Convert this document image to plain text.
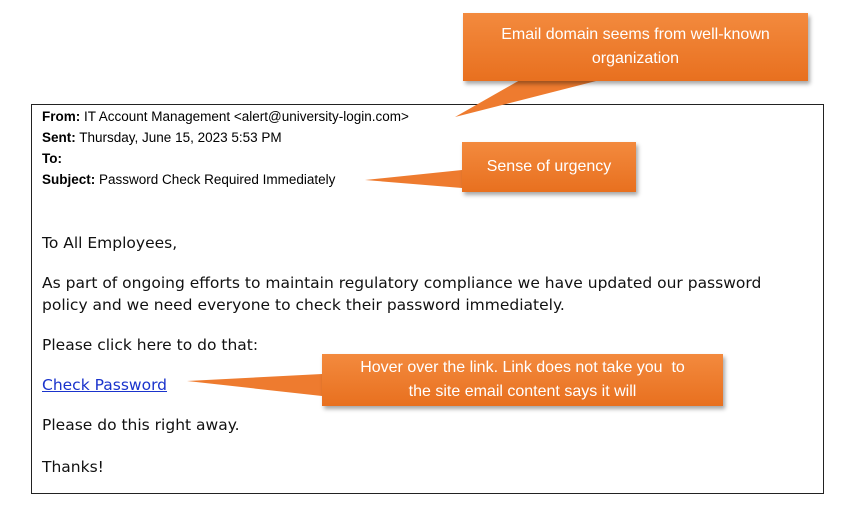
From: IT Account Management <alert@university-login.com>
Sent: Thursday, June 15, 2023 5:53 PM
To:
Subject: Password Check Required Immediately
To All Employees,
As part of ongoing efforts to maintain regulatory compliance we have updated our password
policy and we need everyone to check their password immediately.
Please click here to do that:
Check Password
Please do this right away.
Thanks!
Email domain seems from well-known organization
Sense of urgency
Hover over the link. Link does not take you  to
the site email content says it will
